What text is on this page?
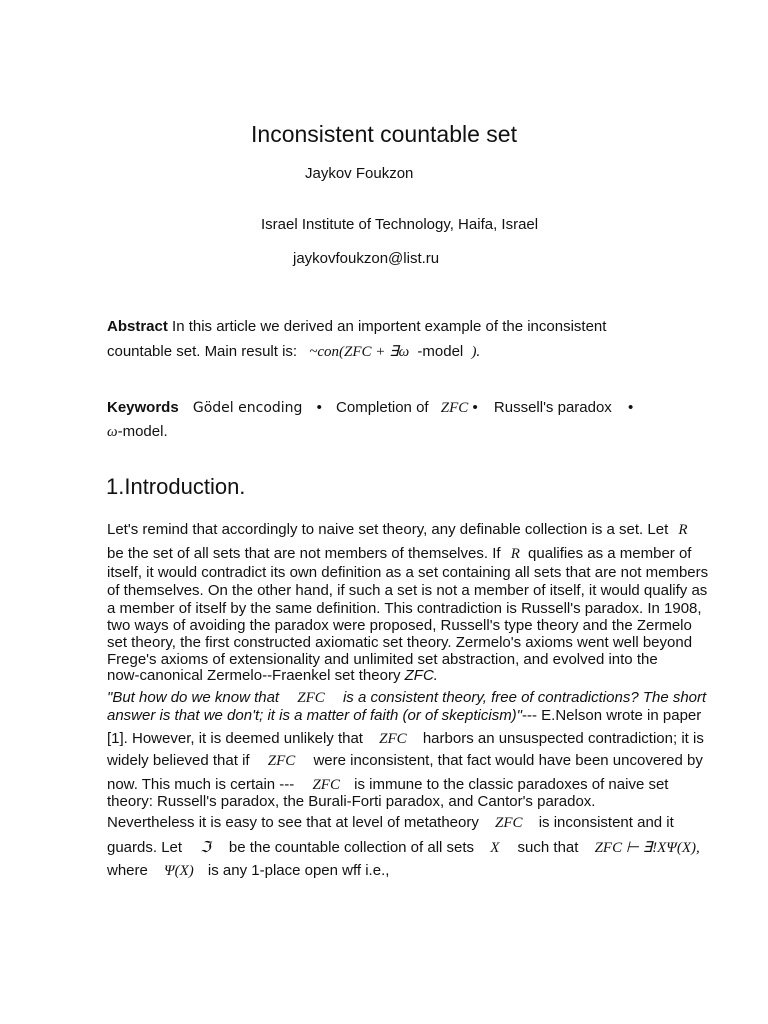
Inconsistent countable set
Jaykov Foukzon
Israel Institute of Technology, Haifa, Israel
jaykovfoukzon@list.ru
Abstract In this article we derived an importent example of the inconsistent
countable set. Main result is: ~con(ZFC + ∃ω -model ).
Keywords Gödel encoding • Completion of ZFC • Russell's paradox •
ω-model.
1.Introduction.
Let's remind that accordingly to naive set theory, any definable collection is a set. Let R
be the set of all sets that are not members of themselves. If R qualifies as a member of
itself, it would contradict its own definition as a set containing all sets that are not members
of themselves. On the other hand, if such a set is not a member of itself, it would qualify as
a member of itself by the same definition. This contradiction is Russell's paradox. In 1908,
two ways of avoiding the paradox were proposed, Russell's type theory and the Zermelo
set theory, the first constructed axiomatic set theory. Zermelo's axioms went well beyond
Frege's axioms of extensionality and unlimited set abstraction, and evolved into the
now-canonical Zermelo--Fraenkel set theory ZFC.
"But how do we know that ZFC is a consistent theory, free of contradictions? The short
answer is that we don't; it is a matter of faith (or of skepticism)"--- E.Nelson wrote in paper
[1]. However, it is deemed unlikely that ZFC harbors an unsuspected contradiction; it is
widely believed that if ZFC were inconsistent, that fact would have been uncovered by
now. This much is certain --- ZFC is immune to the classic paradoxes of naive set
theory: Russell's paradox, the Burali-Forti paradox, and Cantor's paradox.
Nevertheless it is easy to see that at level of metatheory ZFC is inconsistent and it
guards. Let ℑ be the countable collection of all sets X such that ZFC ⊢ ∃!XΨ(X),
where Ψ(X) is any 1-place open wff i.e.,
